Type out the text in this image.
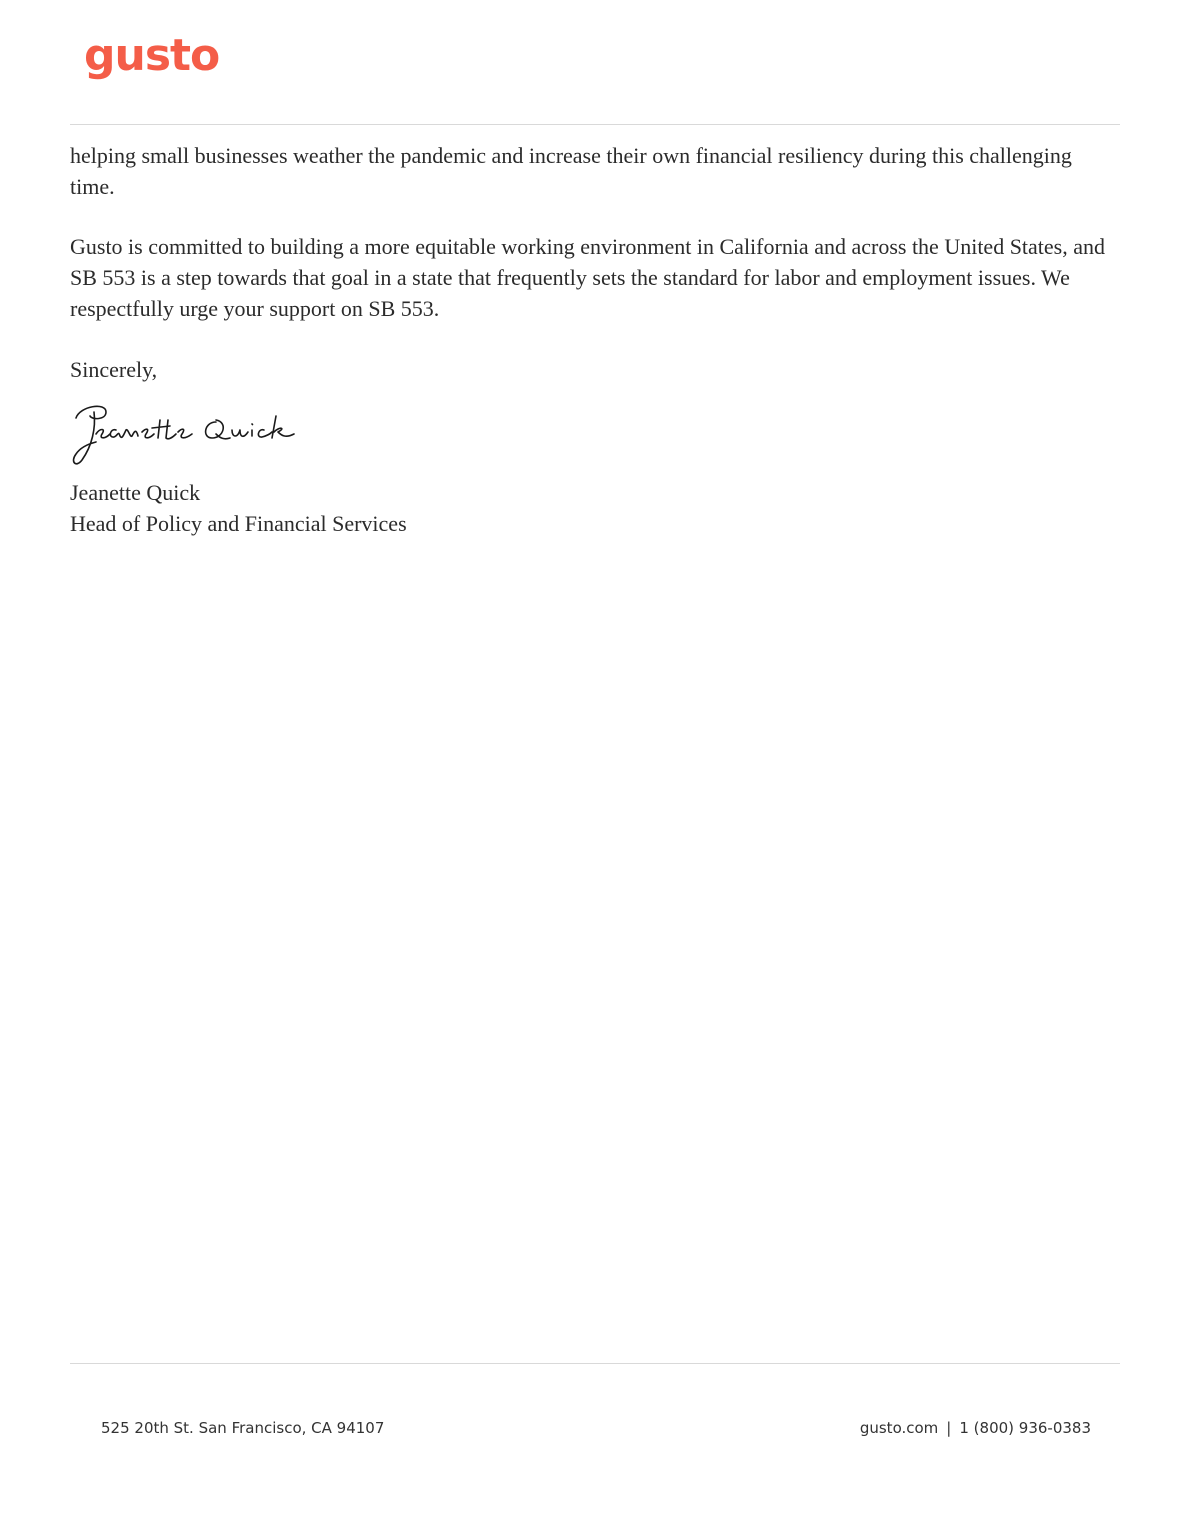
gusto

helping small businesses weather the pandemic and increase their own financial resiliency during this challenging time.

Gusto is committed to building a more equitable working environment in California and across the United States, and SB 553 is a step towards that goal in a state that frequently sets the standard for labor and employment issues. We respectfully urge your support on SB 553.

Sincerely,

Jeanette Quick
Head of Policy and Financial Services

525 20th St. San Francisco, CA 94107	gusto.com | 1 (800) 936-0383
